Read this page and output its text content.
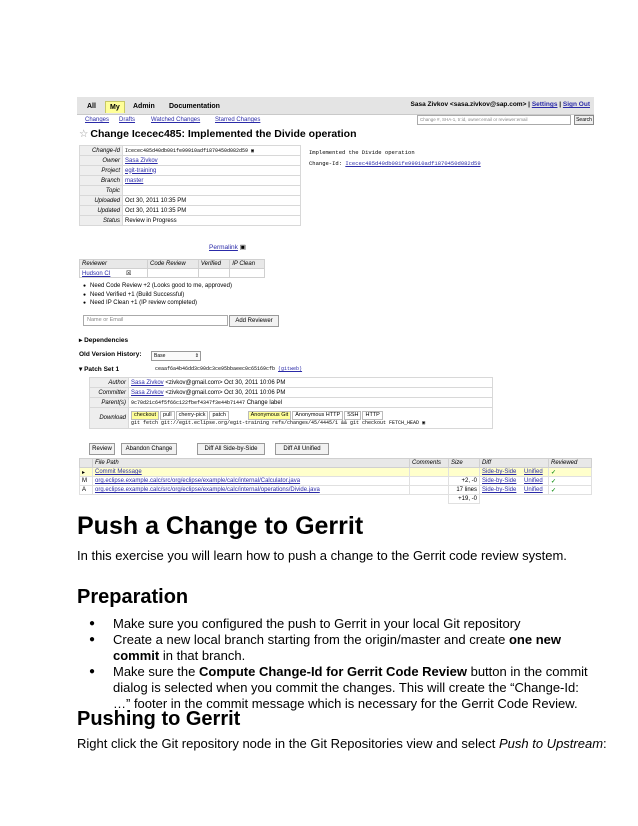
All	My	Admin	Documentation	Sasa Zivkov <sasa.zivkov@sap.com> | Settings | Sign Out
Changes Drafts	Watched Changes Starred Changes	Change #, SHA-1, tr:id, owner:email or reviewer:email	Search
☆ Change Icecec485: Implemented the Divide operation
Change-Id	Icecec485d40db001fe99910adf1870450d082d59 ▣
Owner	Sasa Zivkov
Project	egit-training
Branch	master
Topic	
Uploaded	Oct 30, 2011 10:35 PM
Updated	Oct 30, 2011 10:35 PM
Status	Review in Progress
Implemented the Divide operation
Change-Id: Icecec485d40db001fe99910adf1870450d082d59
Permalink ▣
Reviewer	Code Review	Verified	IP Clean
Hudson CI ☒			
● Need Code Review +2 (Looks good to me, approved)
● Need Verified +1 (Build Successful)
● Need IP Clean +1 (IP review completed)
Name or Email	Add Reviewer
▸ Dependencies
Old Version History:	Base	⇕
▾ Patch Set 1	ceaaf6a4b46dd3c90dc3ce95bbaeec0c65169cfb (gitweb)
Author	Sasa Zivkov <zivkov@gmail.com> Oct 30, 2011 10:06 PM
Committer	Sasa Zivkov <zivkov@gmail.com> Oct 30, 2011 10:06 PM
Parent(s)	9c70d21c64f5f66c122fbef4347f3e44b71447 Change label
Download	checkout pull cherry-pick patch Anonymous Git Anonymous HTTP SSH HTTP
git fetch git://egit.eclipse.org/egit-training refs/changes/45/4445/1 && git checkout FETCH_HEAD ▣
Review	Abandon Change	Diff All Side-by-Side	Diff All Unified
	File Path	Comments	Size	Diff	Reviewed
▸	Commit Message			Side-by-Side Unified	✓
M	org.eclipse.example.calc/src/org/eclipse/example/calc/internal/Calculator.java		+2, -0	Side-by-Side Unified	✓
A	org.eclipse.example.calc/src/org/eclipse/example/calc/internal/operations/Divide.java		17 lines	Side-by-Side Unified	✓
			+19, -0		
Push a Change to Gerrit

In this exercise you will learn how to push a change to the Gerrit code review system.

Preparation
● Make sure you configured the push to Gerrit in your local Git repository
● Create a new local branch starting from the origin/master and create one new commit in that branch.
● Make sure the Compute Change-Id for Gerrit Code Review button in the commit dialog is selected when you commit the changes. This will create the “Change-Id: …” footer in the commit message which is necessary for the Gerrit Code Review.
Pushing to Gerrit

Right click the Git repository node in the Git Repositories view and select Push to Upstream:
